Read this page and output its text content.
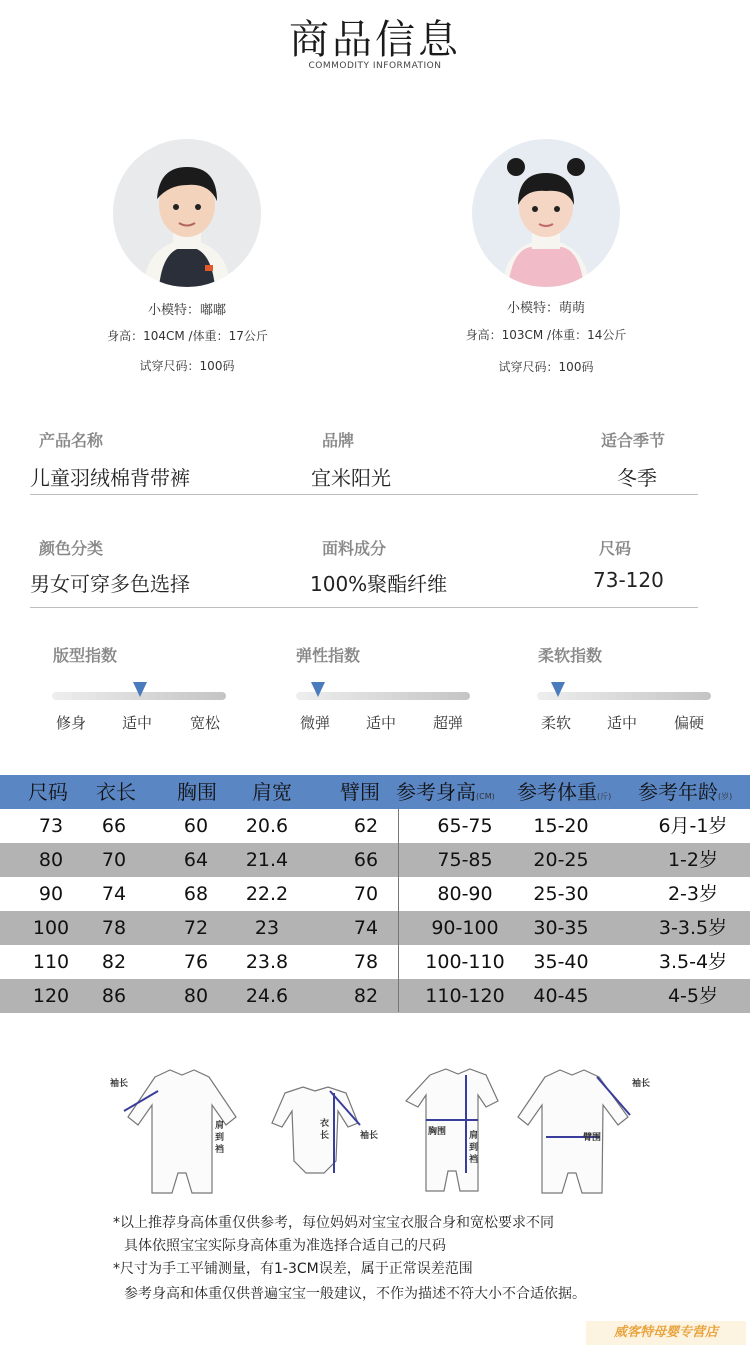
商品信息
COMMODITY INFORMATION
小模特：嘟嘟
身高：104CM /体重：17公斤
试穿尺码：100码
小模特：萌萌
身高：103CM /体重：14公斤
试穿尺码：100码
产品名称	品牌	适合季节
儿童羽绒棉背带裤	宜米阳光	冬季
颜色分类	面料成分	尺码
男女可穿多色选择	100%聚酯纤维	73-120
版型指数
修身 适中	宽松
弹性指数
微弹 适中 超弹
柔软指数
柔软 适中 偏硬
尺码 衣长 胸围 肩宽 臂围 参考身高(CM) 参考体重(斤) 参考年龄(岁)
73	66	60	20.6	62	65-75	15-20	6月-1岁
80	70	64	21.4	66	75-85	20-25	1-2岁
90	74	68	22.2	70	80-90	25-30	2-3岁
100	78	72	23	74	90-100	30-35	3-3.5岁
110	82	76	23.8	78	100-110	35-40	3.5-4岁
120	86	80	24.6	82	110-120	40-45	4-5岁
袖长
肩到裆
衣长	袖长	胸围	肩到裆
袖长
臂围
*以上推荐身高体重仅供参考，每位妈妈对宝宝衣服合身和宽松要求不同
具体依照宝宝实际身高体重为准选择合适自己的尺码
*尺寸为手工平铺测量，有1-3CM误差，属于正常误差范围
参考身高和体重仅供普遍宝宝一般建议，不作为描述不符大小不合适依据。
威客特母婴专营店
